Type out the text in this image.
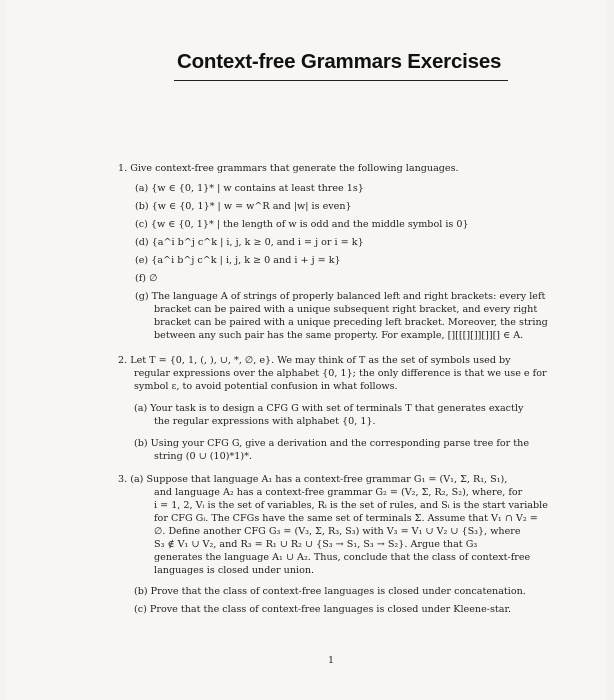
Context-free Grammars Exercises
1. Give context-free grammars that generate the following languages.
(a) {w ∈ {0, 1}* | w contains at least three 1s}
(b) {w ∈ {0, 1}* | w = w^R and |w| is even}
(c) {w ∈ {0, 1}* | the length of w is odd and the middle symbol is 0}
(d) {a^i b^j c^k | i, j, k ≥ 0, and i = j or i = k}
(e) {a^i b^j c^k | i, j, k ≥ 0 and i + j = k}
(f) ∅
(g) The language A of strings of properly balanced left and right brackets: every left
bracket can be paired with a unique subsequent right bracket, and every right
bracket can be paired with a unique preceding left bracket. Moreover, the string
between any such pair has the same property. For example, [][[[][]][]][] ∈ A.
2. Let T = {0, 1, (, ), ∪, *, ∅, e}. We may think of T as the set of symbols used by
regular expressions over the alphabet {0, 1}; the only difference is that we use e for
symbol ε, to avoid potential confusion in what follows.
(a) Your task is to design a CFG G with set of terminals T that generates exactly
the regular expressions with alphabet {0, 1}.
(b) Using your CFG G, give a derivation and the corresponding parse tree for the
string (0 ∪ (10)*1)*.
3. (a) Suppose that language A₁ has a context-free grammar G₁ = (V₁, Σ, R₁, S₁),
and language A₂ has a context-free grammar G₂ = (V₂, Σ, R₂, S₂), where, for
i = 1, 2, Vᵢ is the set of variables, Rᵢ is the set of rules, and Sᵢ is the start variable
for CFG Gᵢ. The CFGs have the same set of terminals Σ. Assume that V₁ ∩ V₂ =
∅. Define another CFG G₃ = (V₃, Σ, R₃, S₃) with V₃ = V₁ ∪ V₂ ∪ {S₃}, where
S₃ ∉ V₁ ∪ V₂, and R₃ = R₁ ∪ R₂ ∪ {S₃ → S₁, S₃ → S₂}. Argue that G₃
generates the language A₁ ∪ A₂. Thus, conclude that the class of context-free
languages is closed under union.
(b) Prove that the class of context-free languages is closed under concatenation.
(c) Prove that the class of context-free languages is closed under Kleene-star.
1
